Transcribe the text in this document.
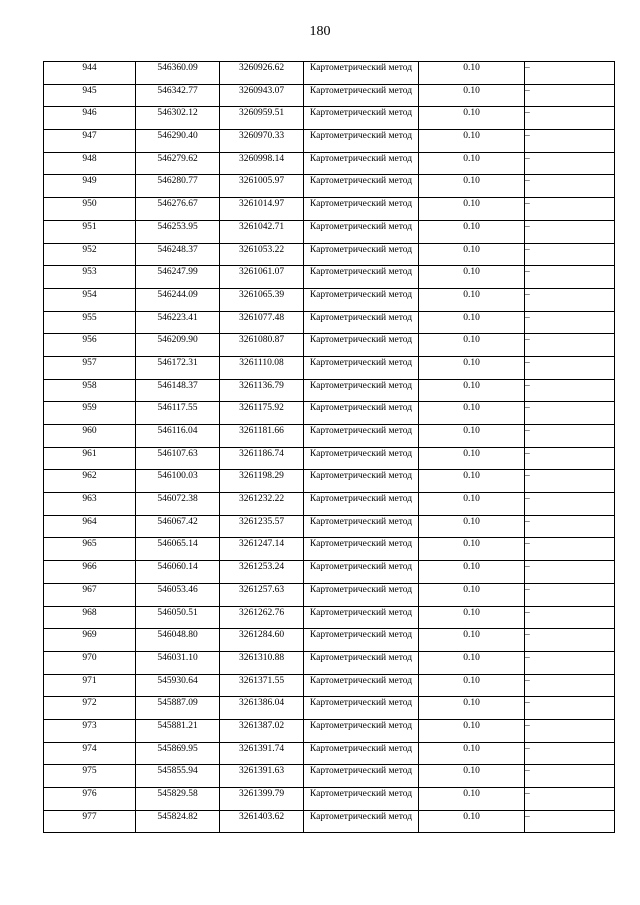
180
944	546360.09	3260926.62	Картометрический метод	0.10	–

945	546342.77	3260943.07	Картометрический метод	0.10	–

946	546302.12	3260959.51	Картометрический метод	0.10	–

947	546290.40	3260970.33	Картометрический метод	0.10	–

948	546279.62	3260998.14	Картометрический метод	0.10	–

949	546280.77	3261005.97	Картометрический метод	0.10	–

950	546276.67	3261014.97	Картометрический метод	0.10	–

951	546253.95	3261042.71	Картометрический метод	0.10	–

952	546248.37	3261053.22	Картометрический метод	0.10	–

953	546247.99	3261061.07	Картометрический метод	0.10	–

954	546244.09	3261065.39	Картометрический метод	0.10	–

955	546223.41	3261077.48	Картометрический метод	0.10	–

956	546209.90	3261080.87	Картометрический метод	0.10	–

957	546172.31	3261110.08	Картометрический метод	0.10	–

958	546148.37	3261136.79	Картометрический метод	0.10	–

959	546117.55	3261175.92	Картометрический метод	0.10	–

960	546116.04	3261181.66	Картометрический метод	0.10	–

961	546107.63	3261186.74	Картометрический метод	0.10	–

962	546100.03	3261198.29	Картометрический метод	0.10	–

963	546072.38	3261232.22	Картометрический метод	0.10	–

964	546067.42	3261235.57	Картометрический метод	0.10	–

965	546065.14	3261247.14	Картометрический метод	0.10	–

966	546060.14	3261253.24	Картометрический метод	0.10	–

967	546053.46	3261257.63	Картометрический метод	0.10	–

968	546050.51	3261262.76	Картометрический метод	0.10	–

969	546048.80	3261284.60	Картометрический метод	0.10	–

970	546031.10	3261310.88	Картометрический метод	0.10	–

971	545930.64	3261371.55	Картометрический метод	0.10	–

972	545887.09	3261386.04	Картометрический метод	0.10	–

973	545881.21	3261387.02	Картометрический метод	0.10	–

974	545869.95	3261391.74	Картометрический метод	0.10	–

975	545855.94	3261391.63	Картометрический метод	0.10	–

976	545829.58	3261399.79	Картометрический метод	0.10	–

977	545824.82	3261403.62	Картометрический метод	0.10	–
